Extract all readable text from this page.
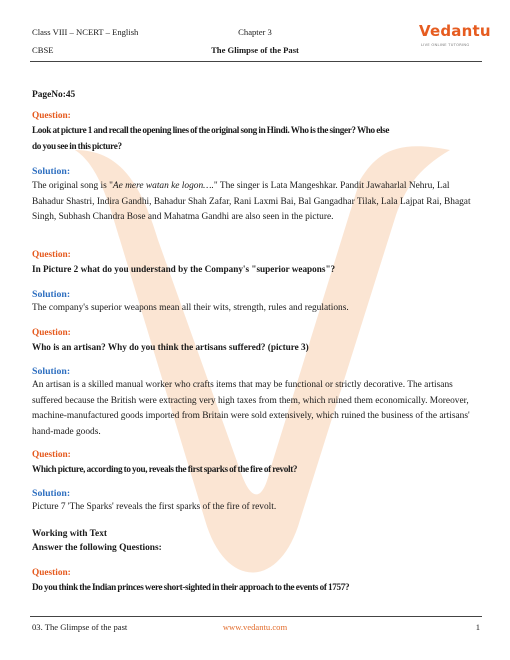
Class VIII – NCERT – English
CBSE
Chapter 3
The Glimpse of the Past
Vedantu
LIVE ONLINE TUTORING
PageNo:45
Question:
Look at picture 1 and recall the opening lines of the original song in Hindi. Who is the singer? Who else
do you see in this picture?
Solution:
The original song is "Ae mere watan ke logon…." The singer is Lata Mangeshkar. Pandit Jawaharlal Nehru, Lal Bahadur Shastri, Indira Gandhi, Bahadur Shah Zafar, Rani Laxmi Bai, Bal Gangadhar Tilak, Lala Lajpat Rai, Bhagat Singh, Subhash Chandra Bose and Mahatma Gandhi are also seen in the picture.
Question:
In Picture 2 what do you understand by the Company's "superior weapons"?
Solution:
The company's superior weapons mean all their wits, strength, rules and regulations.
Question:
Who is an artisan? Why do you think the artisans suffered? (picture 3)
Solution:
An artisan is a skilled manual worker who crafts items that may be functional or strictly decorative. The artisans suffered because the British were extracting very high taxes from them, which ruined them economically. Moreover, machine-manufactured goods imported from Britain were sold extensively, which ruined the business of the artisans' hand-made goods.
Question:
Which picture, according to you, reveals the first sparks of the fire of revolt?
Solution:
Picture 7 'The Sparks' reveals the first sparks of the fire of revolt.
Working with Text
Answer the following Questions:
Question:
Do you think the Indian princes were short-sighted in their approach to the events of 1757?
03. The Glimpse of the past	www.vedantu.com	1
